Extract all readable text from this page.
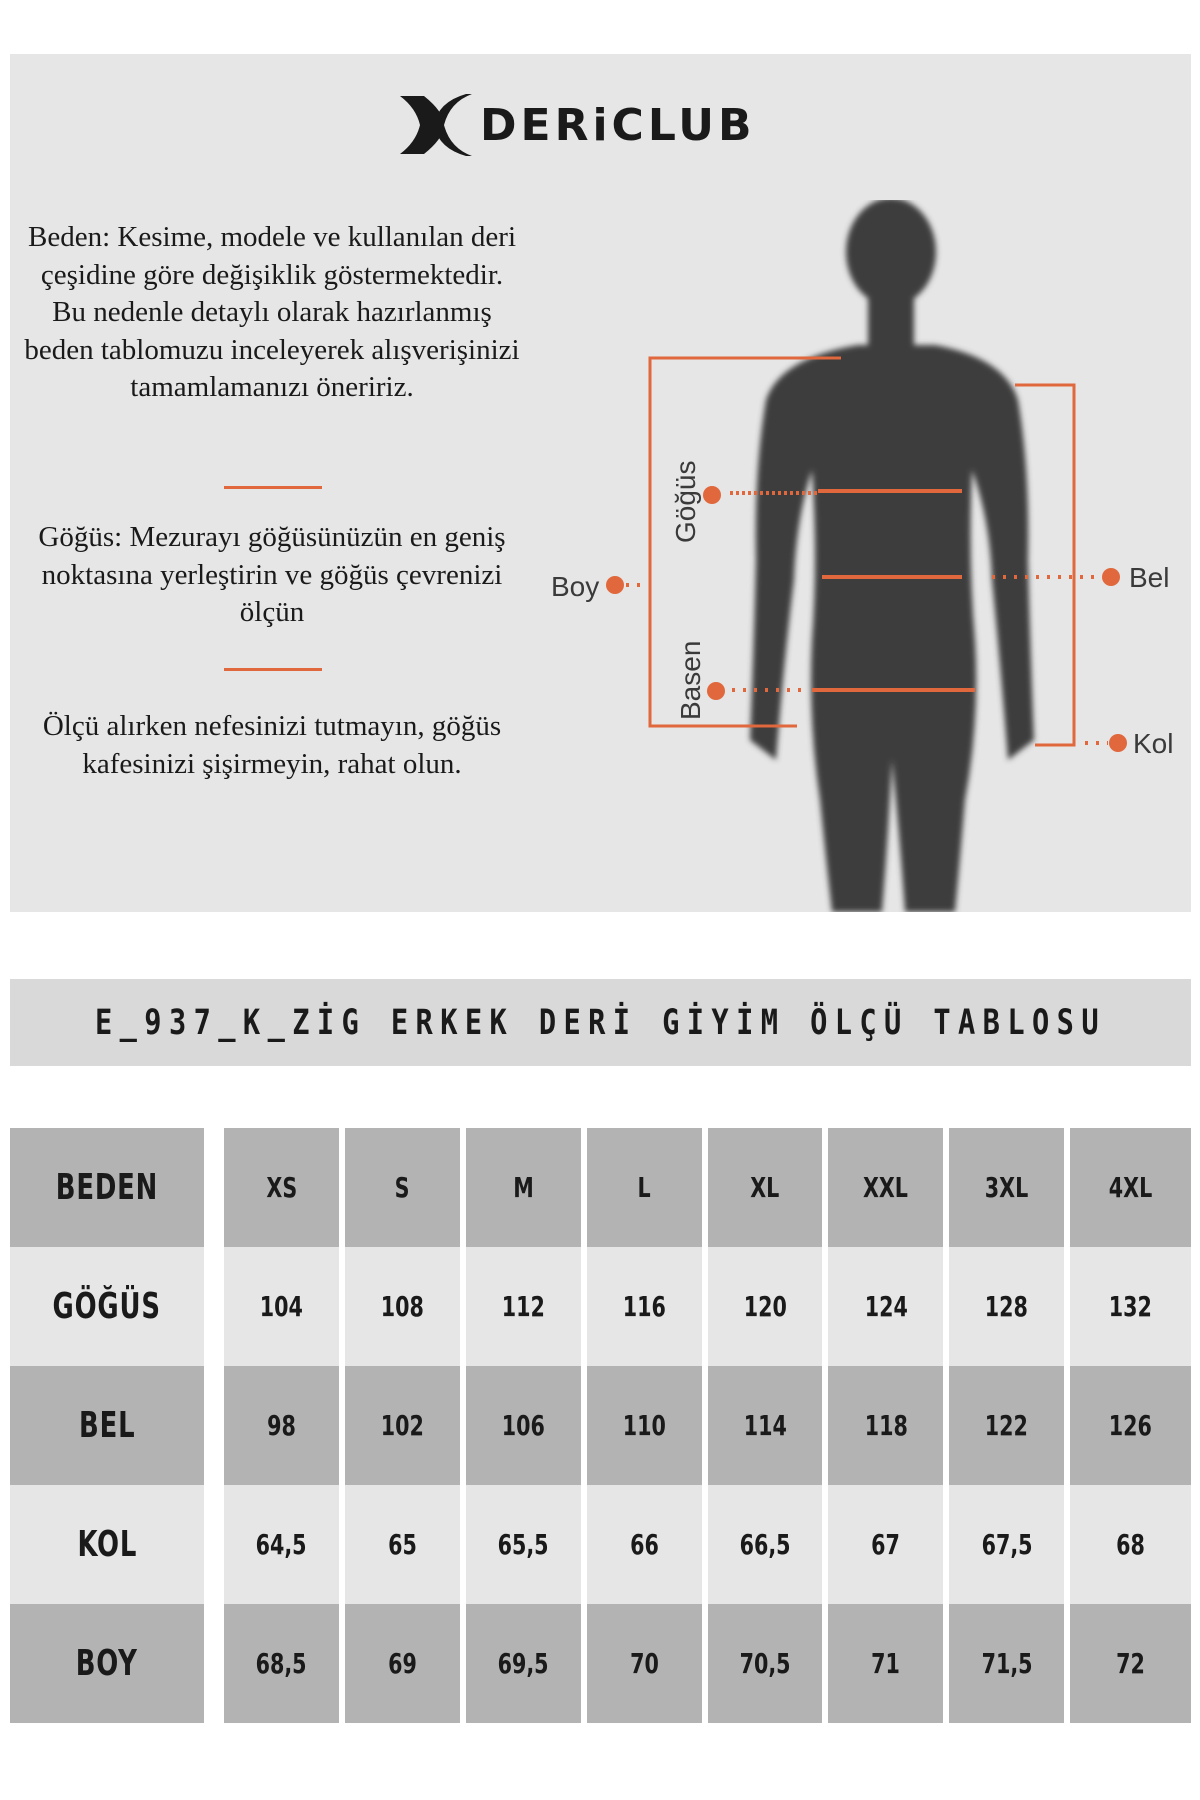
DERiCLUB
Beden: Kesime, modele ve kullanılan deri çeşidine göre değişiklik göstermektedir. Bu nedenle detaylı olarak hazırlanmış beden tablomuzu inceleyerek alışverişinizi tamamlamanızı öneririz.
Göğüs: Mezurayı göğüsünüzün en geniş noktasına yerleştirin ve göğüs çevrenizi ölçün
Ölçü alırken nefesinizi tutmayın, göğüs kafesinizi şişirmeyin, rahat olun.
Boy	Bel
Kol
Göğüs
Basen
E_937_K_ZİG ERKEK DERİ GİYİM ÖLÇÜ TABLOSU
BEDEN		XS	S	M	L	XL	XXL	3XL	4XL
GÖĞÜS		104	108	112	116	120	124	128	132
BEL		98	102	106	110	114	118	122	126
KOL		64,5	65	65,5	66	66,5	67	67,5	68
BOY		68,5	69	69,5	70	70,5	71	71,5	72
